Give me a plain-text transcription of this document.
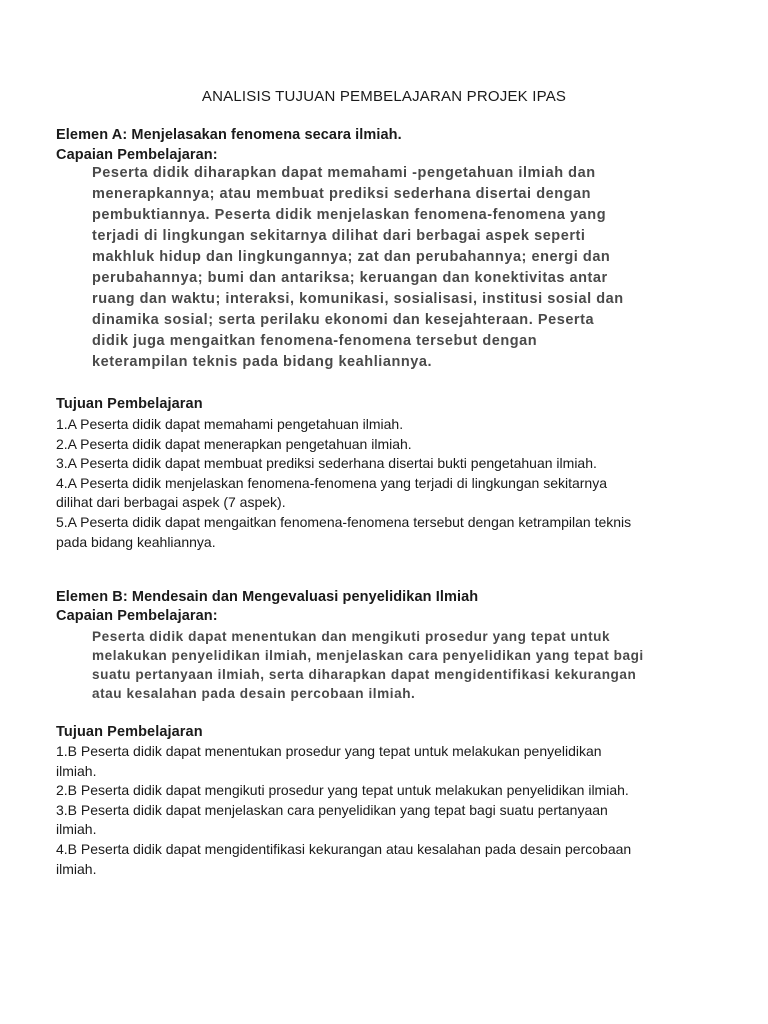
ANALISIS TUJUAN PEMBELAJARAN PROJEK IPAS
Elemen A: Menjelasakan fenomena secara ilmiah.
Capaian Pembelajaran:
Peserta didik diharapkan dapat memahami -pengetahuan ilmiah dan
menerapkannya; atau membuat prediksi sederhana disertai dengan
pembuktiannya. Peserta didik menjelaskan fenomena-fenomena yang
terjadi di lingkungan sekitarnya dilihat dari berbagai aspek seperti
makhluk hidup dan lingkungannya; zat dan perubahannya; energi dan
perubahannya; bumi dan antariksa; keruangan dan konektivitas antar
ruang dan waktu; interaksi, komunikasi, sosialisasi, institusi sosial dan
dinamika sosial; serta perilaku ekonomi dan kesejahteraan. Peserta
didik juga mengaitkan fenomena-fenomena tersebut dengan
keterampilan teknis pada bidang keahliannya.
Tujuan Pembelajaran
1.A Peserta didik dapat memahami pengetahuan ilmiah.
2.A Peserta didik dapat menerapkan pengetahuan ilmiah.
3.A Peserta didik dapat membuat prediksi sederhana disertai bukti pengetahuan ilmiah.
4.A Peserta didik menjelaskan fenomena-fenomena yang terjadi di lingkungan sekitarnya
dilihat dari berbagai aspek (7 aspek).
5.A Peserta didik dapat mengaitkan fenomena-fenomena tersebut dengan ketrampilan teknis
pada bidang keahliannya.
Elemen B: Mendesain dan Mengevaluasi penyelidikan Ilmiah
Capaian Pembelajaran:
Peserta didik dapat menentukan dan mengikuti prosedur yang tepat untuk
melakukan penyelidikan ilmiah, menjelaskan cara penyelidikan yang tepat bagi
suatu pertanyaan ilmiah, serta diharapkan dapat mengidentifikasi kekurangan
atau kesalahan pada desain percobaan ilmiah.
Tujuan Pembelajaran
1.B Peserta didik dapat menentukan prosedur yang tepat untuk melakukan penyelidikan
ilmiah.
2.B Peserta didik dapat mengikuti prosedur yang tepat untuk melakukan penyelidikan ilmiah.
3.B Peserta didik dapat menjelaskan cara penyelidikan yang tepat bagi suatu pertanyaan
ilmiah.
4.B Peserta didik dapat mengidentifikasi kekurangan atau kesalahan pada desain percobaan
ilmiah.
